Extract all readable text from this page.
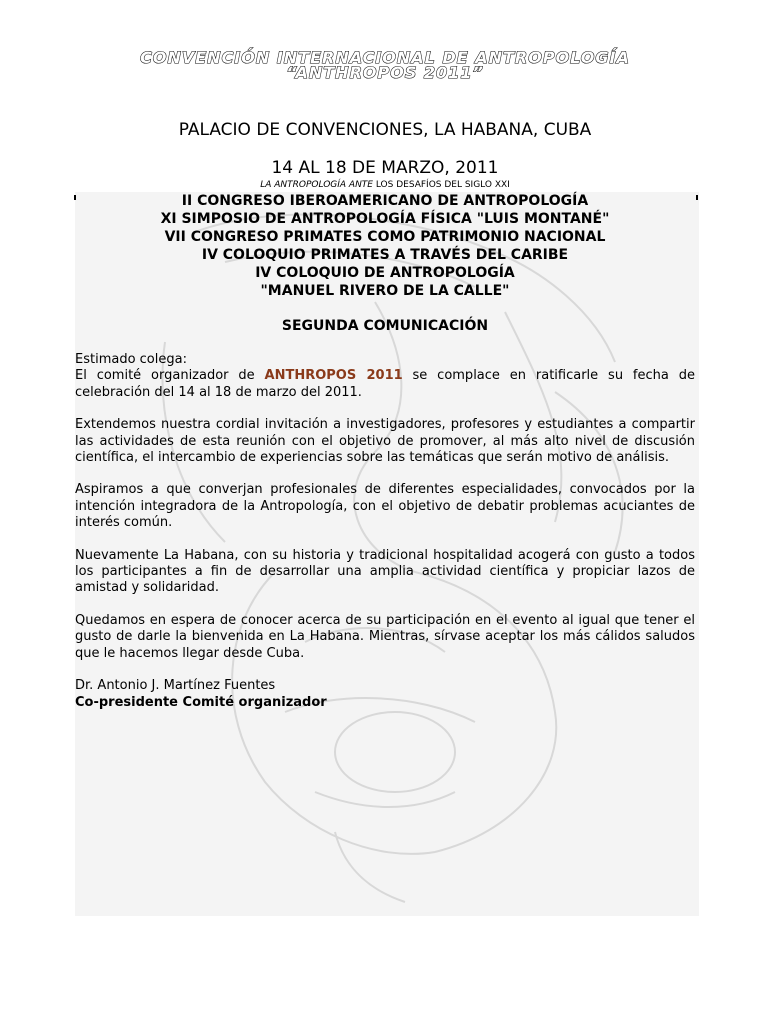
CONVENCIÓN INTERNACIONAL DE ANTROPOLOGÍA
“ANTHROPOS 2011”
PALACIO DE CONVENCIONES, LA HABANA, CUBA
14 AL 18 DE MARZO, 2011
LA ANTROPOLOGÍA ANTE LOS DESAFÍOS DEL SIGLO XXI
II CONGRESO IBEROAMERICANO DE ANTROPOLOGÍA
XI SIMPOSIO DE ANTROPOLOGÍA FÍSICA "LUIS MONTANÉ"
VII CONGRESO PRIMATES COMO PATRIMONIO NACIONAL
IV COLOQUIO PRIMATES A TRAVÉS DEL CARIBE
IV COLOQUIO DE ANTROPOLOGÍA
"MANUEL RIVERO DE LA CALLE"
SEGUNDA COMUNICACIÓN

Estimado colega:
El comité organizador de ANTHROPOS 2011 se complace en ratificarle su fecha de celebración del 14 al 18 de marzo del 2011.

Extendemos nuestra cordial invitación a investigadores, profesores y estudiantes a compartir las actividades de esta reunión con el objetivo de promover, al más alto nivel de discusión científica, el intercambio de experiencias sobre las temáticas que serán motivo de análisis.

Aspiramos a que converjan profesionales de diferentes especialidades, convocados por la intención integradora de la Antropología, con el objetivo de debatir problemas acuciantes de interés común.

Nuevamente La Habana, con su historia y tradicional hospitalidad acogerá con gusto a todos los participantes a fin de desarrollar una amplia actividad científica y propiciar lazos de amistad y solidaridad.

Quedamos en espera de conocer acerca de su participación en el evento al igual que tener el gusto de darle la bienvenida en La Habana. Mientras, sírvase aceptar los más cálidos saludos que le hacemos llegar desde Cuba.

Dr. Antonio J. Martínez Fuentes
Co-presidente Comité organizador
